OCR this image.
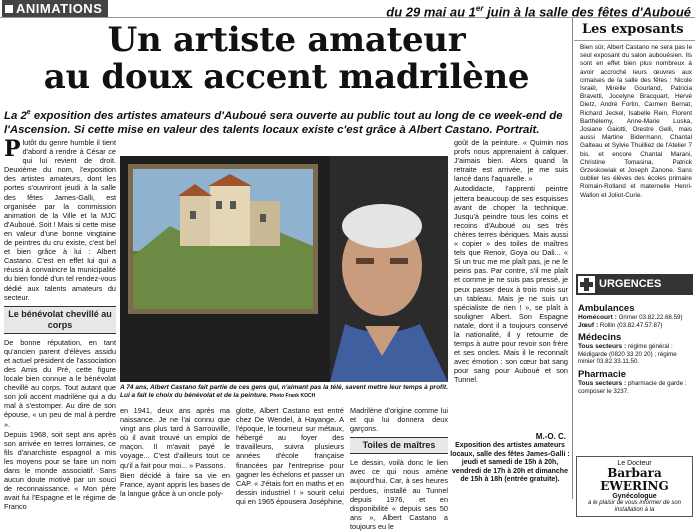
ANIMATIONS	du 29 mai au 1er juin à la salle des fêtes d'Auboué
Un artiste amateur
au doux accent madrilène
La 2e exposition des artistes amateurs d'Auboué sera ouverte au public tout au long de ce week-end de l'Ascension. Si cette mise en valeur des talents locaux existe c'est grâce à Albert Castano. Portrait.

Plutôt du genre humble il tient d'abord à rendre à César ce qui lui revient de droit. Deuxième du nom, l'exposition des artistes amateurs, dont les portes s'ouvriront jeudi à la salle des fêtes James-Galli, est organisée par la commission animation de la Ville et la MJC d'Auboué. Soit ! Mais si cette mise en valeur d'une bonne vingtaine de peintres du cru existe, c'est bel et bien grâce à lui : Albert Castano. C'est en effet lui qui a réussi à convaincre la municipalité du bien fondé d'un tel rendez-vous dédié aux talents amateurs du secteur.

Le bénévolat chevillé au corps

De bonne réputation, en tant qu'ancien parent d'élèves assidu et actuel président de l'association des Amis du Pré, cette figure locale bien connue a le bénévolat chevillé au corps. Tout autant que son joli accent madrilène qui a du mal à s'estomper. Au dire de son épouse, « un peu de mal à perdre ».

Depuis 1968, soit sept ans après son arrivée en terres lorraines, ce fils d'anarchiste espagnol a mis les moyens pour se faire un nom dans le monde associatif. Sans aucun doute motivé par un souci de reconnaissance. « Mon père avait fui l'Espagne et le régime de Franco

A 74 ans, Albert Castano fait partie de ces gens qui, n'aimant pas la télé, savent mettre leur temps à profit. Lui a fait le choix du bénévolat et de la peinture. Photo Frank KOCH

en 1941, deux ans après ma naissance. Je ne l'ai connu que vingt ans plus tard à Sarrouville, où il avait trouvé un emploi de maçon. Il m'avait payé le voyage... C'est d'ailleurs tout ce qu'il a fait pour moi... » Passons.

Bien décidé à faire sa vie en France, ayant appris les bases de la langue grâce à un oncle poly-

glotte, Albert Castano est entré chez De Wendel, à Hayange. A l'époque, le tourneur sur métaux, hébergé au foyer des travailleurs, suivra plusieurs années d'école française financées par l'entreprise pour gagner les échelons et passer un CAP. « J'étais fort en maths et en dessin industriel ! » sourit celui qui en 1965 épousera Joséphine,

Madrilène d'origine comme lui et qui lui donnera deux garçons.

Toiles de maîtres

Le dessin, voilà donc le lien avec ce qui nous amène aujourd'hui. Car, à ses heures perdues, installé au Tunnel depuis 1976, et en disponibilité « depuis ses 50 ans », Albert Castano a toujours eu le

goût de la peinture. « Quimin nos profs nous apprenaient à calquer. J'aimais bien. Alors quand la retraite est arrivée, je me suis lancé dans l'aquarelle. »

Autodidacte, l'apprenti peintre jettera beaucoup de ses esquisses avant de choper la technique. Jusqu'à peindre tous les coins et recoins d'Auboué ou ses très chères terres ibériques. Mais aussi « copier » des toiles de maîtres tels que Renoir, Goya ou Dali... « Si un truc me me plaît pas, je ne le peins pas. Par contre, s'il me plaît et comme je ne suis pas pressé, je peux passer deux à trois mois sur un tableau. Mais je ne suis un spécialiste de rien ! », se plaît à souligner Albert. Son Espagne natale, dont il a toujours conservé la nationalité, il y retourne de temps à autre pour revoir son frère et ses oncles. Mais il le reconnaît avec émotion : son cœur bat sang pour sang pour Auboué et son Tunnel.

M.-O. C.
Exposition des artistes amateurs locaux, salle des fêtes James-Galli : jeudi et samedi de 15h à 20h, vendredi de 17h à 20h et dimanche de 15h à 18h (entrée gratuite).
Les exposants
Bien sûr, Albert Castano ne sera pas le seul exposant du salon aubouésien. Ils sont en effet bien plus nombreux à avoir accroché leurs œuvres aux cimaises de la salle des fêtes : Nicole Israël, Mireille Gourland, Patricia Bravetti, Jocelyne Bracquart, Hervé Dietz, André Fortin, Carmen Bernat, Richard Jeckel, Isabelle Rein, Florent Barthélemy, Anne-Marie Luska, Josiane Gaiotti, Orestre Gelli, mais aussi Martine Bidermann, Chantal Galteau et Sylvie Thuilliez de l'Atelier 7 bis, et encore Chantal Marani, Christine Tomasina, Patrick Grzeskowiak et Joseph Zanone. Sans oublier les élèves des écoles primaire Romain-Rolland et maternelle Henri-Wallon et Joliot-Curie.
URGENCES
Ambulances
Homécourt : Grimer 03.82.22.68.59)
Jœuf : Rollin (03.82.47.57.87)
Médecins
Tous secteurs : régime général : Médigarde (0820 33 20 20) ; régime minier 03.82.33.11.50.
Pharmacie
Tous secteurs : pharmacie de garde : composer le 3237.
Le Docteur
Barbara EWERING
Gynécologue
a le plaisir de vous informer de son installation à la
